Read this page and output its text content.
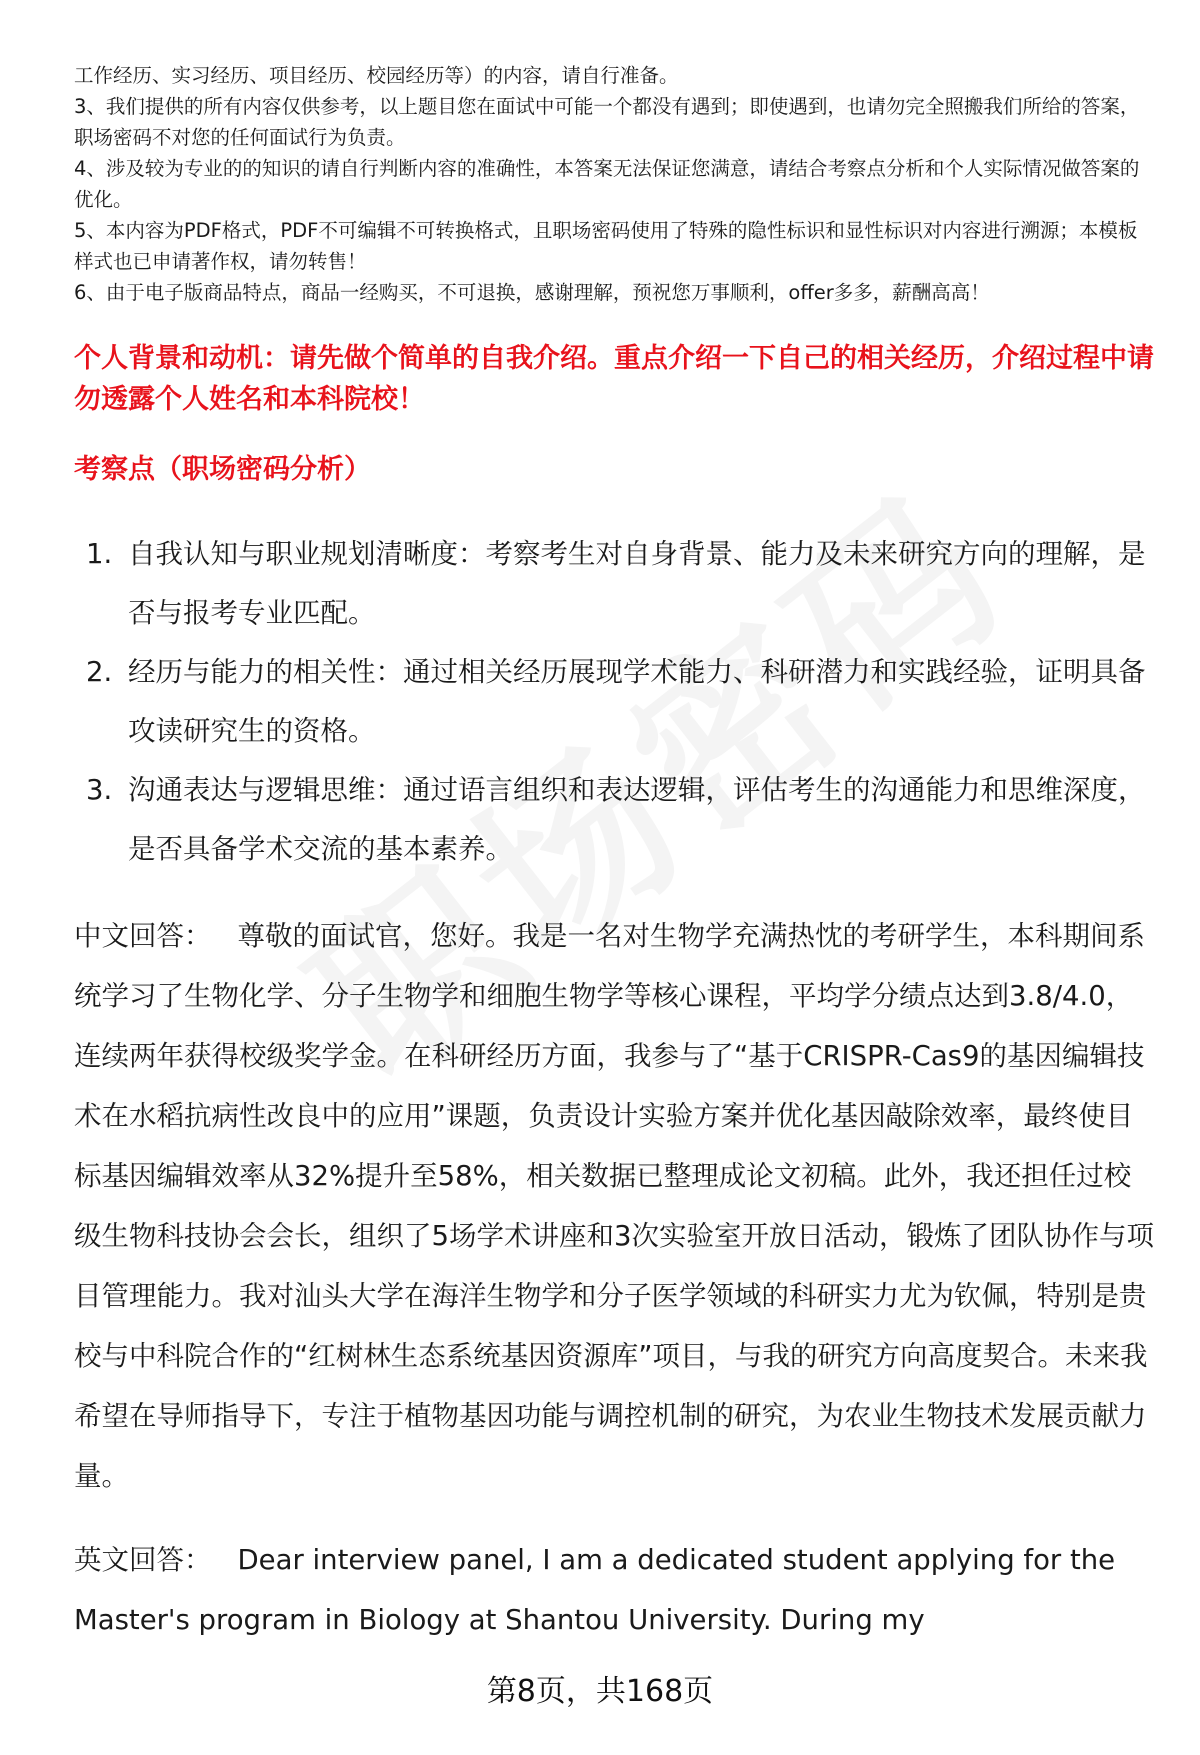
工作经历、实习经历、项目经历、校园经历等）的内容，请自行准备。

3、我们提供的所有内容仅供参考，以上题目您在面试中可能一个都没有遇到；即使遇到，也请勿完全照搬我们所给的答案，职场密码不对您的任何面试行为负责。

4、涉及较为专业的的知识的请自行判断内容的准确性，本答案无法保证您满意，请结合考察点分析和个人实际情况做答案的优化。

5、本内容为PDF格式，PDF不可编辑不可转换格式，且职场密码使用了特殊的隐性标识和显性标识对内容进行溯源；本模板样式也已申请著作权，请勿转售！

6、由于电子版商品特点，商品一经购买，不可退换，感谢理解，预祝您万事顺利，offer多多，薪酬高高！

个人背景和动机：请先做个简单的自我介绍。重点介绍一下自己的相关经历，介绍过程中请勿透露个人姓名和本科院校！
考察点（职场密码分析）
1. 自我认知与职业规划清晰度：考察考生对自身背景、能力及未来研究方向的理解，是否与报考专业匹配。
2. 经历与能力的相关性：通过相关经历展现学术能力、科研潜力和实践经验，证明具备攻读研究生的资格。
3. 沟通表达与逻辑思维：通过语言组织和表达逻辑，评估考生的沟通能力和思维深度，是否具备学术交流的基本素养。
中文回答： 尊敬的面试官，您好。我是一名对生物学充满热忱的考研学生，本科期间系统学习了生物化学、分子生物学和细胞生物学等核心课程，平均学分绩点达到3.8/4.0，连续两年获得校级奖学金。在科研经历方面，我参与了“基于CRISPR-Cas9的基因编辑技术在水稻抗病性改良中的应用”课题，负责设计实验方案并优化基因敲除效率，最终使目标基因编辑效率从32%提升至58%，相关数据已整理成论文初稿。此外，我还担任过校级生物科技协会会长，组织了5场学术讲座和3次实验室开放日活动，锻炼了团队协作与项目管理能力。我对汕头大学在海洋生物学和分子医学领域的科研实力尤为钦佩，特别是贵校与中科院合作的“红树林生态系统基因资源库”项目，与我的研究方向高度契合。未来我希望在导师指导下，专注于植物基因功能与调控机制的研究，为农业生物技术发展贡献力量。
英文回答： Dear interview panel, I am a dedicated student applying for the Master's program in Biology at Shantou University. During my
第8页，共168页
